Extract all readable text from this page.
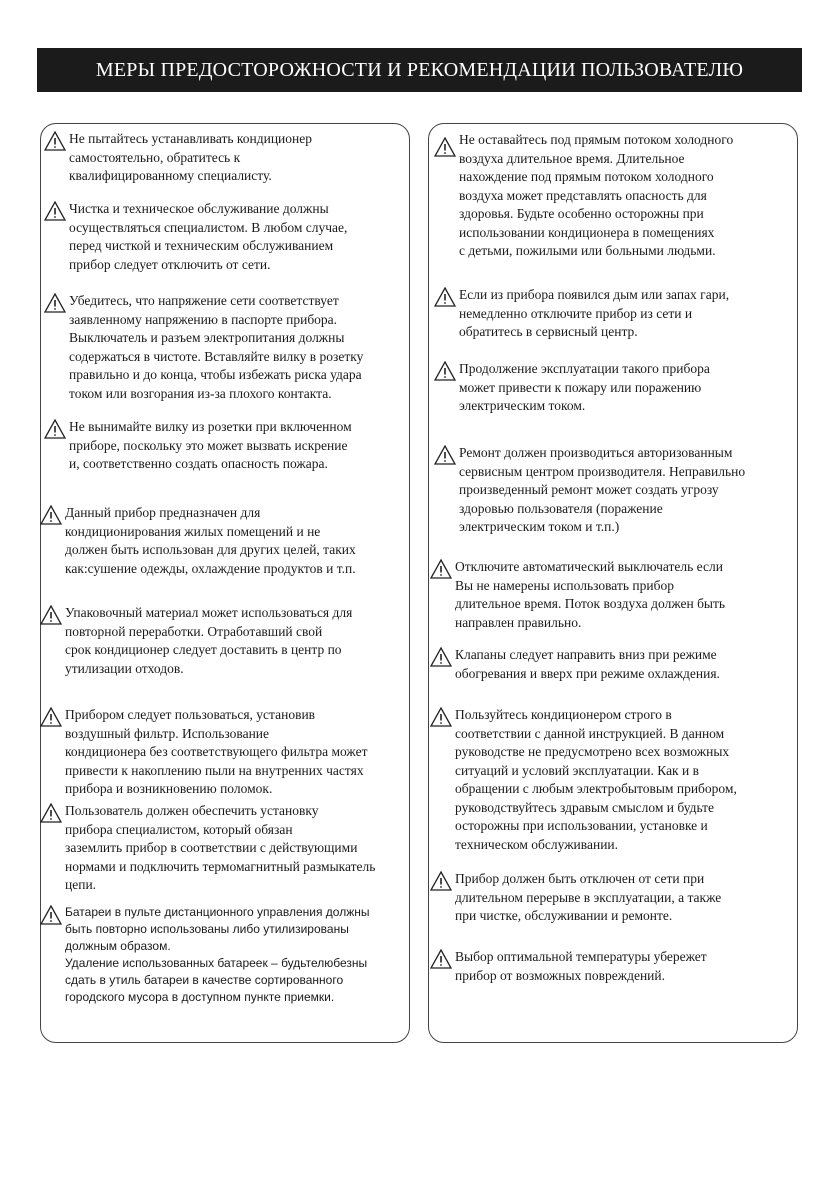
МЕРЫ ПРЕДОСТОРОЖНОСТИ И РЕКОМЕНДАЦИИ ПОЛЬЗОВАТЕЛЮ
Не пытайтесь устанавливать кондиционер
самостоятельно, обратитесь к
квалифицированному специалисту.
Чистка и техническое обслуживание должны
осуществляться специалистом. В любом случае,
перед чисткой и техническим обслуживанием
прибор следует отключить от сети.
Убедитесь, что напряжение сети соответствует
заявленному напряжению в паспорте прибора.
Выключатель и разъем электропитания должны
содержаться в чистоте. Вставляйте вилку в розетку
правильно и до конца, чтобы избежать риска удара
током или возгорания из-за плохого контакта.
Не вынимайте вилку из розетки при включенном
приборе, поскольку это может вызвать искрение
и, соответственно создать опасность пожара.
Данный прибор предназначен для
кондиционирования жилых помещений и не
должен быть использован для других целей, таких
как:сушение одежды, охлаждение продуктов и т.п.
Упаковочный материал может использоваться для
повторной переработки. Отработавший свой
срок кондиционер следует доставить в центр по
утилизации отходов.
Прибором следует пользоваться, установив
воздушный фильтр. Использование
кондиционера без соответствующего фильтра может
привести к накоплению пыли на внутренних частях
прибора и возникновению поломок.
Пользователь должен обеспечить установку
прибора специалистом, который обязан
заземлить прибор в соответствии с действующими
нормами и подключить термомагнитный размыкатель
цепи.
Батареи в пульте дистанционного управления должны
быть повторно использованы либо утилизированы
должным образом.
Удаление использованных батареек – будьтелюбезны
сдать в утиль батареи в качестве сортированного
городского мусора в доступном пункте приемки.
Не оставайтесь под прямым потоком холодного
воздуха длительное время. Длительное
нахождение под прямым потоком холодного
воздуха может представлять опасность для
здоровья. Будьте особенно осторожны при
использовании кондиционера в помещениях
с детьми, пожилыми или больными людьми.
Если из прибора появился дым или запах гари,
немедленно отключите прибор из сети и
обратитесь в сервисный центр.
Продолжение эксплуатации такого прибора
может привести к пожару или поражению
электрическим током.
Ремонт должен производиться авторизованным
сервисным центром производителя. Неправильно
произведенный ремонт может создать угрозу
здоровью пользователя (поражение
электрическим током и т.п.)
Отключите автоматический выключатель если
Вы не намерены использовать прибор
длительное время. Поток воздуха должен быть
направлен правильно.
Клапаны следует направить вниз при режиме
обогревания и вверх при режиме охлаждения.
Пользуйтесь кондиционером строго в
соответствии с данной инструкцией. В данном
руководстве не предусмотрено всех возможных
ситуаций и условий эксплуатации. Как и в
обращении с любым электробытовым прибором,
руководствуйтесь здравым смыслом и будьте
осторожны при использовании, установке и
техническом обслуживании.
Прибор должен быть отключен от сети при
длительном перерыве в эксплуатации, а также
при чистке, обслуживании и ремонте.
Выбор оптимальной температуры убережет
прибор от возможных повреждений.
